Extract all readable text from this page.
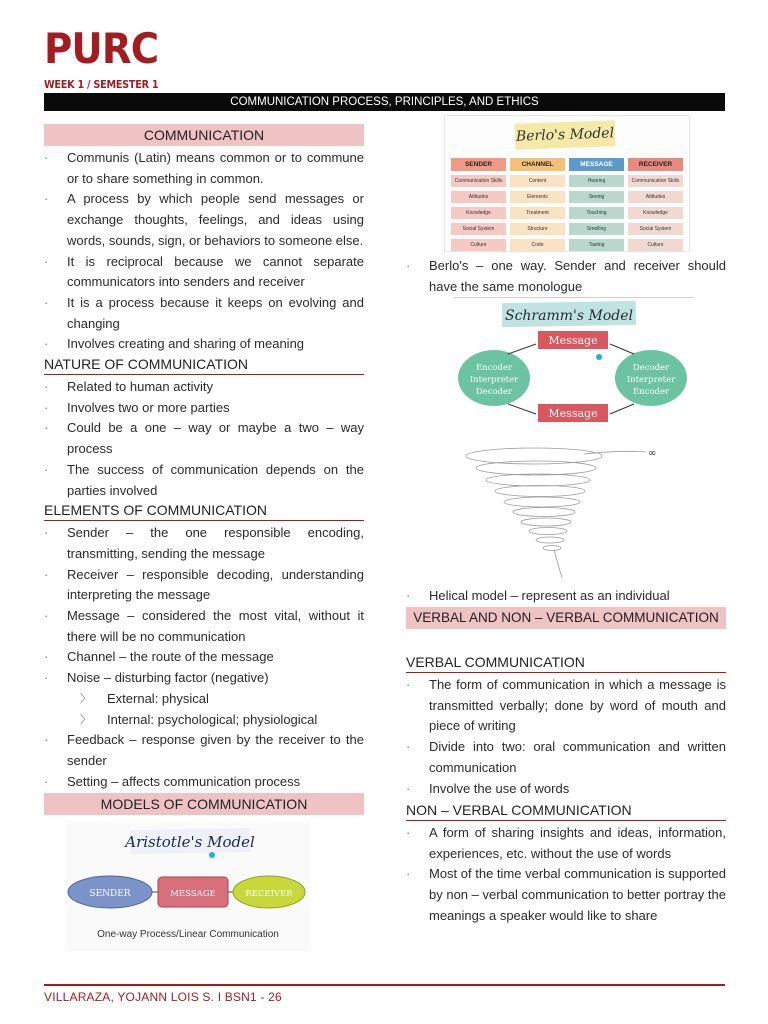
PURC
WEEK 1 / SEMESTER 1
COMMUNICATION PROCESS, PRINCIPLES, AND ETHICS
COMMUNICATION
· Communis (Latin) means common or to commune or to share something in common.
· A process by which people send messages or exchange thoughts, feelings, and ideas using words, sounds, sign, or behaviors to someone else.
· It is reciprocal because we cannot separate communicators into senders and receiver
· It is a process because it keeps on evolving and changing
· Involves creating and sharing of meaning
NATURE OF COMMUNICATION
· Related to human activity
· Involves two or more parties
· Could be a one – way or maybe a two – way process
· The success of communication depends on the parties involved
ELEMENTS OF COMMUNICATION
· Sender – the one responsible encoding, transmitting, sending the message
· Receiver – responsible decoding, understanding interpreting the message
· Message – considered the most vital, without it there will be no communication
· Channel – the route of the message
· Noise – disturbing factor (negative)
〉 External: physical
〉 Internal: psychological; physiological
· Feedback – response given by the receiver to the sender
· Setting – affects communication process
MODELS OF COMMUNICATION
Aristotle's Model
SENDER	MESSAGE	RECEIVER
One-way Process/Linear Communication
Berlo's Model
SENDER	CHANNEL	MESSAGE	RECEIVER
Communication Skills	Content	Hearing	Communication Skills
Attitudes	Elements	Seeing	Attitudes
Knowledge	Treatment	Touching	Knowledge
Social System	Structure	Smelling	Social System
Culture	Code	Tasting	Culture
· Berlo's – one way. Sender and receiver should have the same monologue
Schramm's Model
Message
Encoder
Interpreter
Decoder
Decoder
Interpreter
Encoder
Message
∞
· Helical model – represent as an individual
VERBAL AND NON – VERBAL COMMUNICATION
VERBAL COMMUNICATION
· The form of communication in which a message is transmitted verbally; done by word of mouth and piece of writing
· Divide into two: oral communication and written communication
· Involve the use of words
NON – VERBAL COMMUNICATION
· A form of sharing insights and ideas, information, experiences, etc. without the use of words
· Most of the time verbal communication is supported by non – verbal communication to better portray the meanings a speaker would like to share
VILLARAZA, YOJANN LOIS S. I BSN1 - 26
